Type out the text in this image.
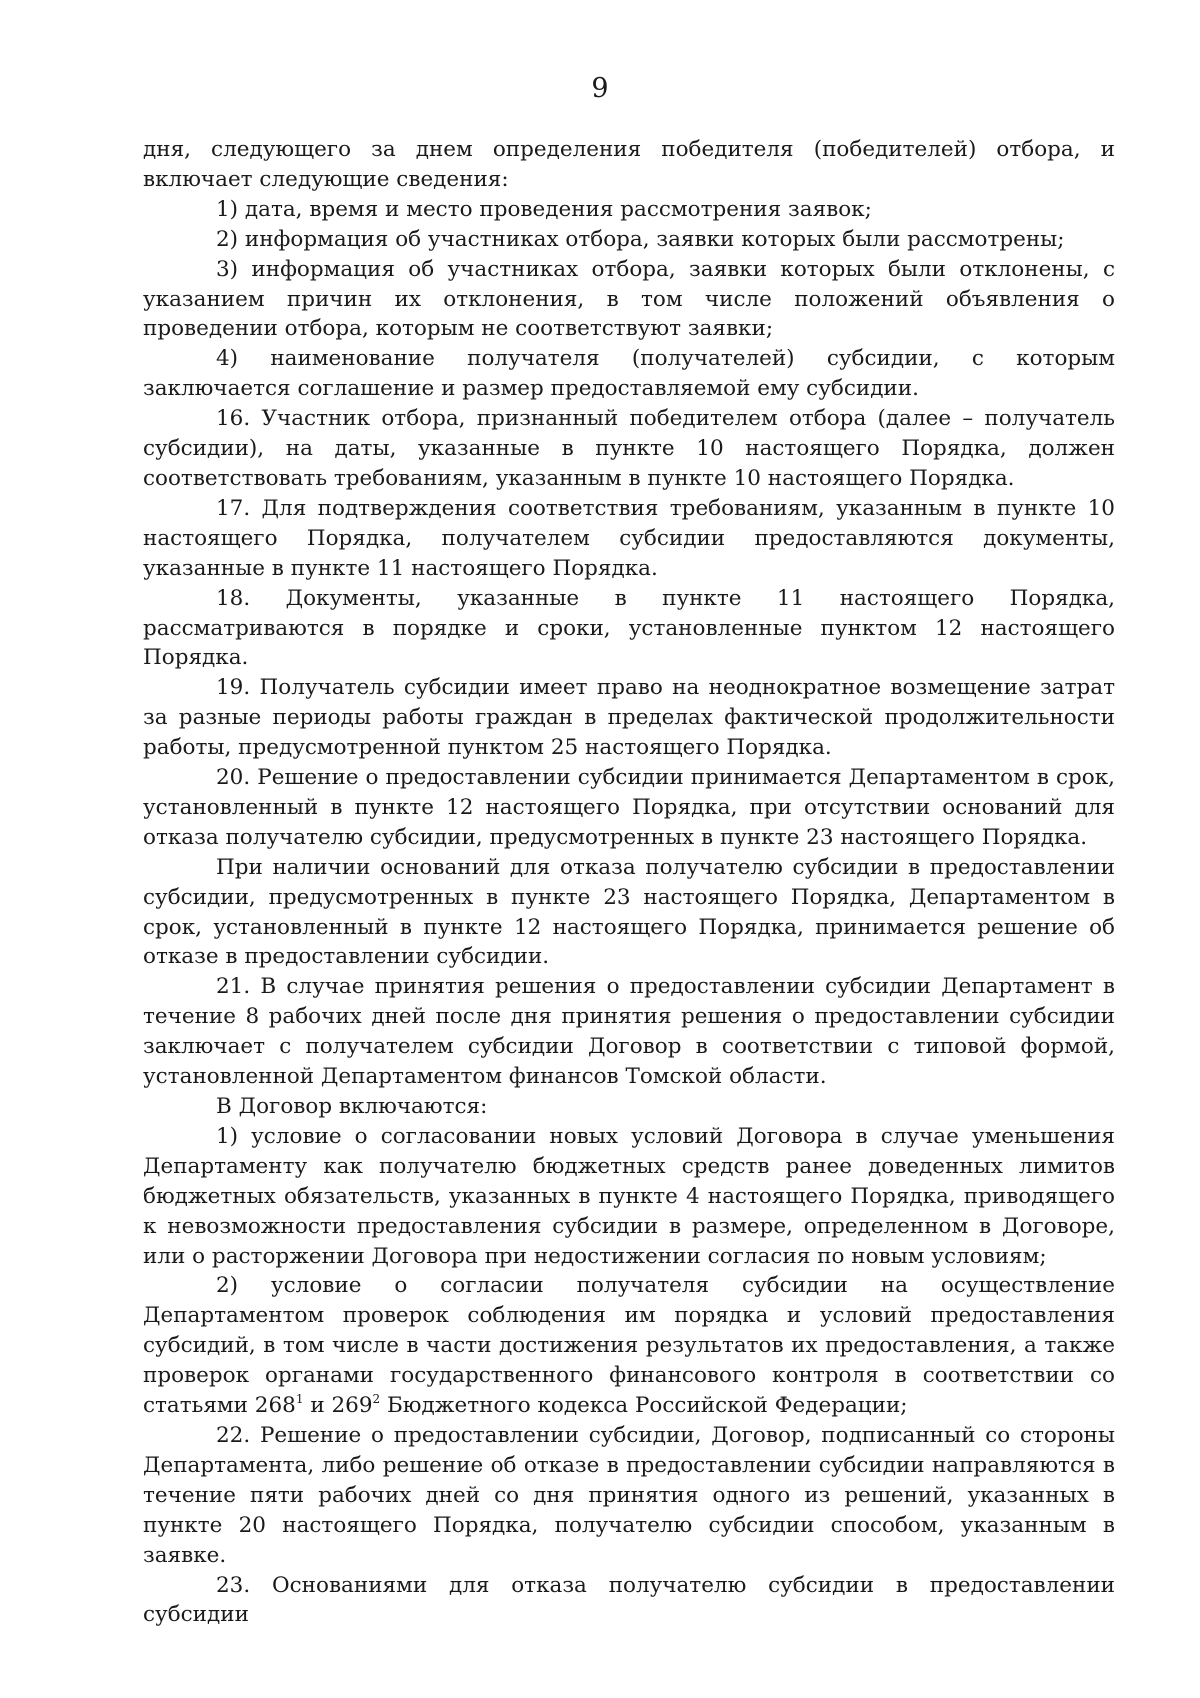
9

дня, следующего за днем определения победителя (победителей) отбора, и включает следующие сведения:

1) дата, время и место проведения рассмотрения заявок;

2) информация об участниках отбора, заявки которых были рассмотрены;

3) информация об участниках отбора, заявки которых были отклонены, с указанием причин их отклонения, в том числе положений объявления о проведении отбора, которым не соответствуют заявки;

4) наименование получателя (получателей) субсидии, с которым заключается соглашение и размер предоставляемой ему субсидии.

16. Участник отбора, признанный победителем отбора (далее – получатель субсидии), на даты, указанные в пункте 10 настоящего Порядка, должен соответствовать требованиям, указанным в пункте 10 настоящего Порядка.

17. Для подтверждения соответствия требованиям, указанным в пункте 10 настоящего Порядка, получателем субсидии предоставляются документы, указанные в пункте 11 настоящего Порядка.

18. Документы, указанные в пункте 11 настоящего Порядка, рассматриваются в порядке и сроки, установленные пунктом 12 настоящего Порядка.

19. Получатель субсидии имеет право на неоднократное возмещение затрат за разные периоды работы граждан в пределах фактической продолжительности работы, предусмотренной пунктом 25 настоящего Порядка.

20. Решение о предоставлении субсидии принимается Департаментом в срок, установленный в пункте 12 настоящего Порядка, при отсутствии оснований для отказа получателю субсидии, предусмотренных в пункте 23 настоящего Порядка.

При наличии оснований для отказа получателю субсидии в предоставлении субсидии, предусмотренных в пункте 23 настоящего Порядка, Департаментом в срок, установленный в пункте 12 настоящего Порядка, принимается решение об отказе в предоставлении субсидии.

21. В случае принятия решения о предоставлении субсидии Департамент в течение 8 рабочих дней после дня принятия решения о предоставлении субсидии заключает с получателем субсидии Договор в соответствии с типовой формой, установленной Департаментом финансов Томской области.

В Договор включаются:

1) условие о согласовании новых условий Договора в случае уменьшения Департаменту как получателю бюджетных средств ранее доведенных лимитов бюджетных обязательств, указанных в пункте 4 настоящего Порядка, приводящего к невозможности предоставления субсидии в размере, определенном в Договоре, или о расторжении Договора при недостижении согласия по новым условиям;

2) условие о согласии получателя субсидии на осуществление Департаментом проверок соблюдения им порядка и условий предоставления субсидий, в том числе в части достижения результатов их предоставления, а также проверок органами государственного финансового контроля в соответствии со статьями 268$^1$ и 269$^2$ Бюджетного кодекса Российской Федерации;

22. Решение о предоставлении субсидии, Договор, подписанный со стороны Департамента, либо решение об отказе в предоставлении субсидии направляются в течение пяти рабочих дней со дня принятия одного из решений, указанных в пункте 20 настоящего Порядка, получателю субсидии способом, указанным в заявке.

23. Основаниями для отказа получателю субсидии в предоставлении субсидии
